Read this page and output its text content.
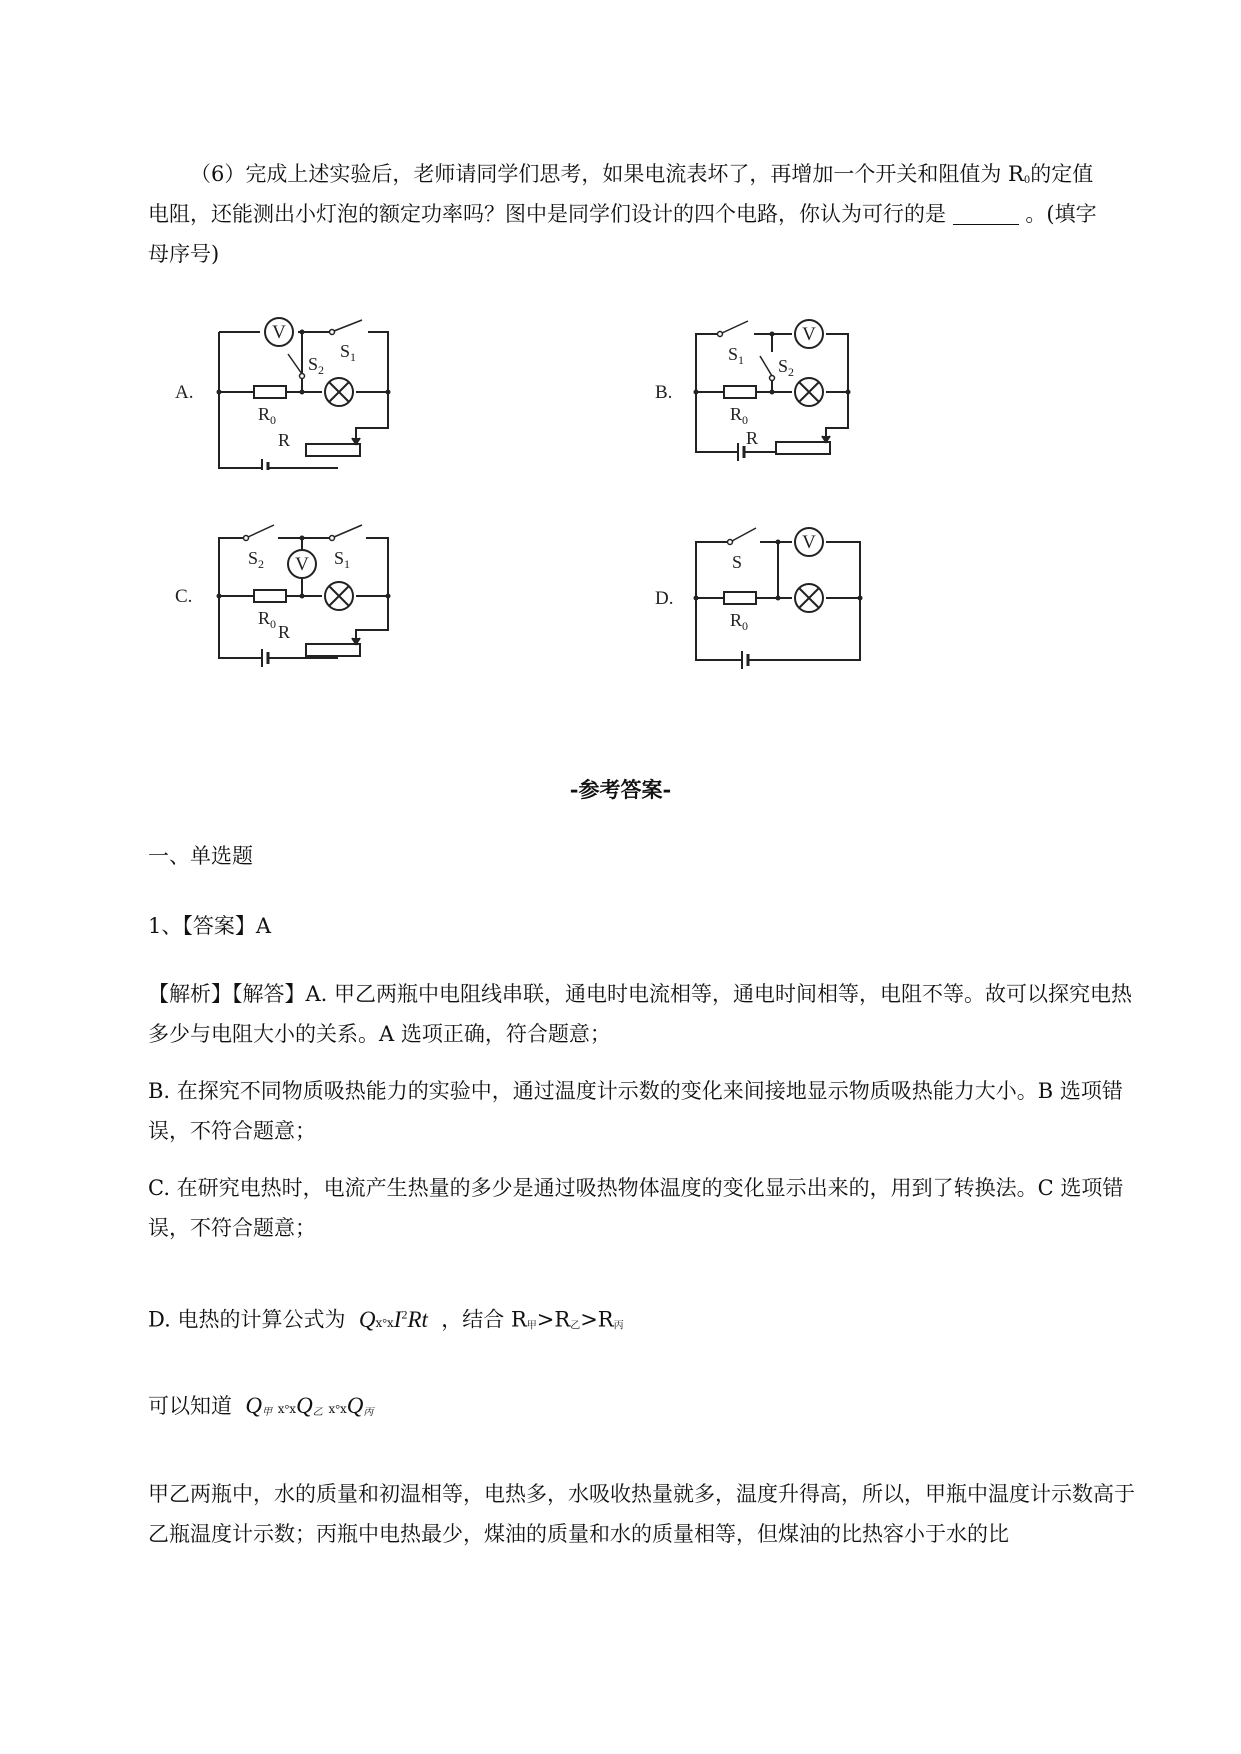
（6）完成上述实验后，老师请同学们思考，如果电流表坏了，再增加一个开关和阻值为 $R_0$的定值

电阻，还能测出小灯泡的额定功率吗？图中是同学们设计的四个电路，你认为可行的是	。(填字

母序号)

V
$S_1$
$S_2$
$R_0$
R
A.
V
$S_1$ $S_2$
$R_0$
R
B.
$S_2$	$S_1$
V
$R_0$ R
C.
S
V
$R_0$
D.
-参考答案-

一、单选题

1、【答案】A

【解析】【解答】A. 甲乙两瓶中电阻线串联，通电时电流相等，通电时间相等，电阻不等。故可以探究电热多少与电阻大小的关系。A 选项正确，符合题意；

B. 在探究不同物质吸热能力的实验中，通过温度计示数的变化来间接地显示物质吸热能力大小。B 选项错误，不符合题意；

C. 在研究电热时，电流产生热量的多少是通过吸热物体温度的变化显示出来的，用到了转换法。C 选项错误，不符合题意；

D. 电热的计算公式为 $Qⅹ^\circ ⅹI^2Rt$ ，结合 $R_甲>R_乙>R_丙$

可以知道 $Q_甲$ $ⅹ^\circ ⅹQ_乙$ $ⅹ^\circ ⅹQ_丙$

甲乙两瓶中，水的质量和初温相等，电热多，水吸收热量就多，温度升得高，所以，甲瓶中温度计示数高于乙瓶温度计示数；丙瓶中电热最少，煤油的质量和水的质量相等，但煤油的比热容小于水的比
